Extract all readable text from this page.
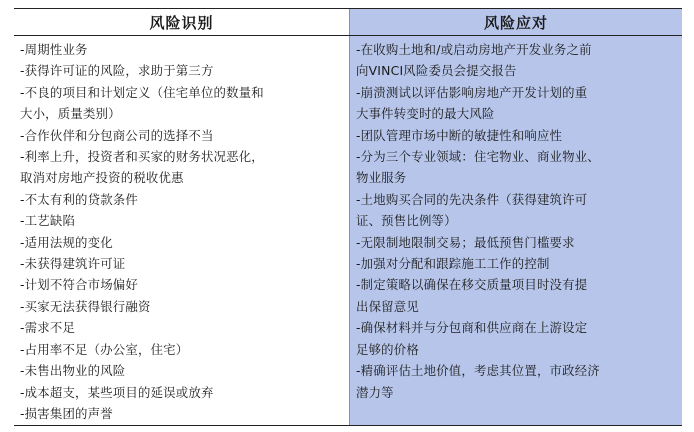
风险识别	风险应对
-周期性业务
-获得许可证的风险，求助于第三方
-不良的项目和计划定义（住宅单位的数量和
大小，质量类别）
-合作伙伴和分包商公司的选择不当
-利率上升，投资者和买家的财务状况恶化，
取消对房地产投资的税收优惠
-不太有利的贷款条件
-工艺缺陷
-适用法规的变化
-未获得建筑许可证
-计划不符合市场偏好
-买家无法获得银行融资
-需求不足
-占用率不足（办公室，住宅）
-未售出物业的风险
-成本超支，某些项目的延误或放弃
-损害集团的声誉
-在收购土地和/或启动房地产开发业务之前
向VINCI风险委员会提交报告
-崩溃测试以评估影响房地产开发计划的重
大事件转变时的最大风险
-团队管理市场中断的敏捷性和响应性
-分为三个专业领域：住宅物业、商业物业、
物业服务
-土地购买合同的先决条件（获得建筑许可
证、预售比例等）
-无限制地限制交易；最低预售门槛要求
-加强对分配和跟踪施工工作的控制
-制定策略以确保在移交质量项目时没有提
出保留意见
-确保材料并与分包商和供应商在上游设定
足够的价格
-精确评估土地价值，考虑其位置，市政经济
潜力等
